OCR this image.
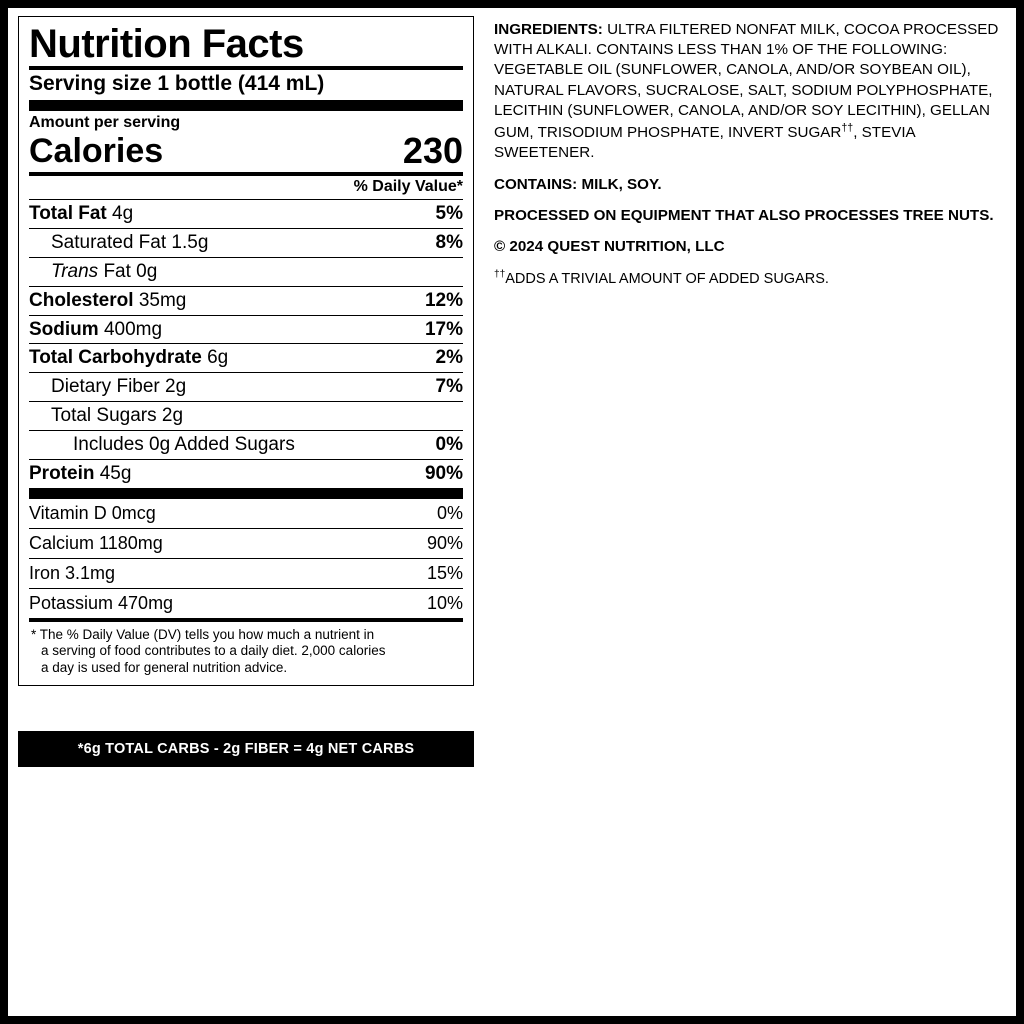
Nutrition Facts
Serving size 1 bottle (414 mL)
Amount per serving
Calories	230
% Daily Value*
Total Fat 4g	5%
Saturated Fat 1.5g	8%
Trans Fat 0g
Cholesterol 35mg	12%
Sodium 400mg	17%
Total Carbohydrate 6g	2%
Dietary Fiber 2g	7%
Total Sugars 2g
Includes 0g Added Sugars	0%
Protein 45g	90%
Vitamin D 0mcg	0%
Calcium 1180mg	90%
Iron 3.1mg	15%
Potassium 470mg	10%
* The % Daily Value (DV) tells you how much a nutrient in
a serving of food contributes to a daily diet. 2,000 calories
a day is used for general nutrition advice.
*6g TOTAL CARBS - 2g FIBER = 4g NET CARBS
INGREDIENTS: ULTRA FILTERED NONFAT MILK, COCOA PROCESSED WITH ALKALI. CONTAINS LESS THAN 1% OF THE FOLLOWING: VEGETABLE OIL (SUNFLOWER, CANOLA, AND/OR SOYBEAN OIL), NATURAL FLAVORS, SUCRALOSE, SALT, SODIUM POLYPHOSPHATE, LECITHIN (SUNFLOWER, CANOLA, AND/OR SOY LECITHIN), GELLAN GUM, TRISODIUM PHOSPHATE, INVERT SUGAR††, STEVIA SWEETENER.
CONTAINS: MILK, SOY.
PROCESSED ON EQUIPMENT THAT ALSO PROCESSES TREE NUTS.
© 2024 QUEST NUTRITION, LLC
††ADDS A TRIVIAL AMOUNT OF ADDED SUGARS.
